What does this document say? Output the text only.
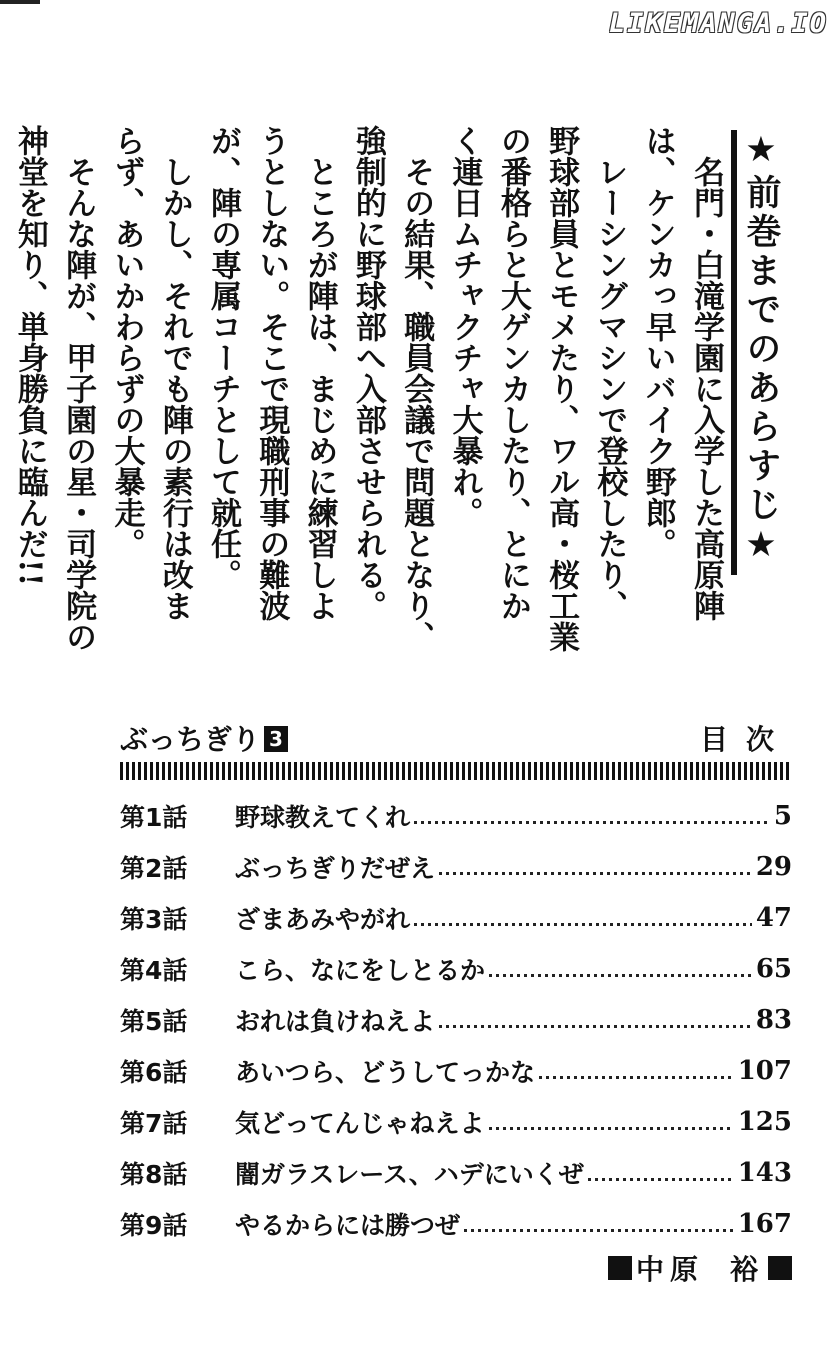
LIKEMANGA.IO
★前巻までのあらすじ★

名門・白滝学園に入学した高原陣

は、ケンカっ早いバイク野郎。

レーシングマシンで登校したり、

野球部員とモメたり、ワル高・桜工業

の番格らと大ゲンカしたり、とにか

く連日ムチャクチャ大暴れ。

その結果、職員会議で問題となり、

強制的に野球部へ入部させられる。

ところが陣は、まじめに練習しよ

うとしない。そこで現職刑事の難波

が、陣の専属コーチとして就任。

しかし、それでも陣の素行は改ま

らず、あいかわらずの大暴走。

そんな陣が、甲子園の星・司学院の

神堂を知り、単身勝負に臨んだ!!

ぶっちぎり 3	目次
第1話	野球教えてくれ	5
第2話	ぶっちぎりだぜえ	29
第3話	ざまあみやがれ	47
第4話	こら、なにをしとるか	65
第5話	おれは負けねえよ	83
第6話	あいつら、どうしてっかな	107
第7話	気どってんじゃねえよ	125
第8話	闇ガラスレース、ハデにいくぜ	143
第9話	やるからには勝つぜ	167
中原 裕
